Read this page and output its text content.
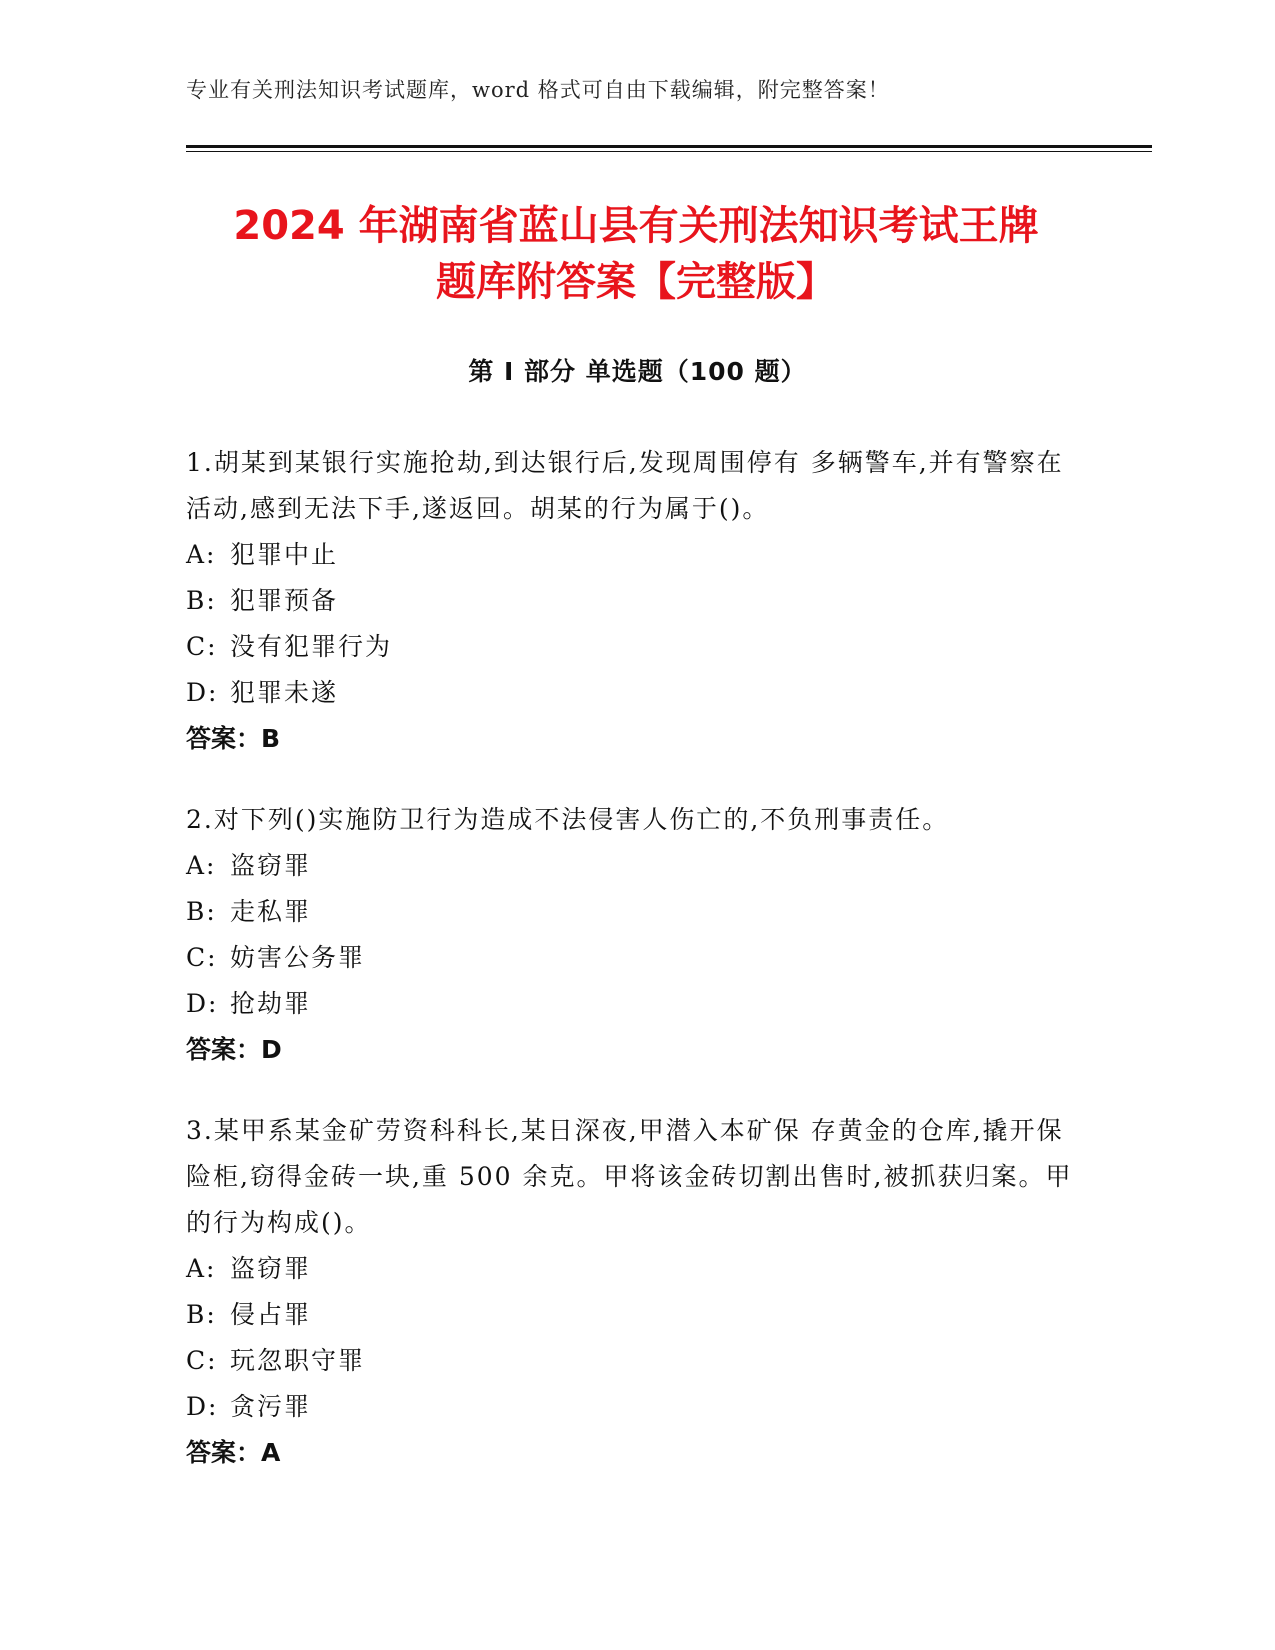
专业有关刑法知识考试题库，word 格式可自由下载编辑，附完整答案！
2024 年湖南省蓝山县有关刑法知识考试王牌
题库附答案【完整版】
第 I 部分 单选题（100 题）

1.胡某到某银行实施抢劫,到达银行后,发现周围停有 多辆警车,并有警察在活动,感到无法下手,遂返回。胡某的行为属于()。

A: 犯罪中止
B: 犯罪预备
C: 没有犯罪行为
D: 犯罪未遂

答案：B

2.对下列()实施防卫行为造成不法侵害人伤亡的,不负刑事责任。

A: 盗窃罪
B: 走私罪
C: 妨害公务罪
D: 抢劫罪

答案：D

3.某甲系某金矿劳资科科长,某日深夜,甲潜入本矿保 存黄金的仓库,撬开保险柜,窃得金砖一块,重 500 余克。甲将该金砖切割出售时,被抓获归案。甲的行为构成()。

A: 盗窃罪
B: 侵占罪
C: 玩忽职守罪
D: 贪污罪

答案：A
